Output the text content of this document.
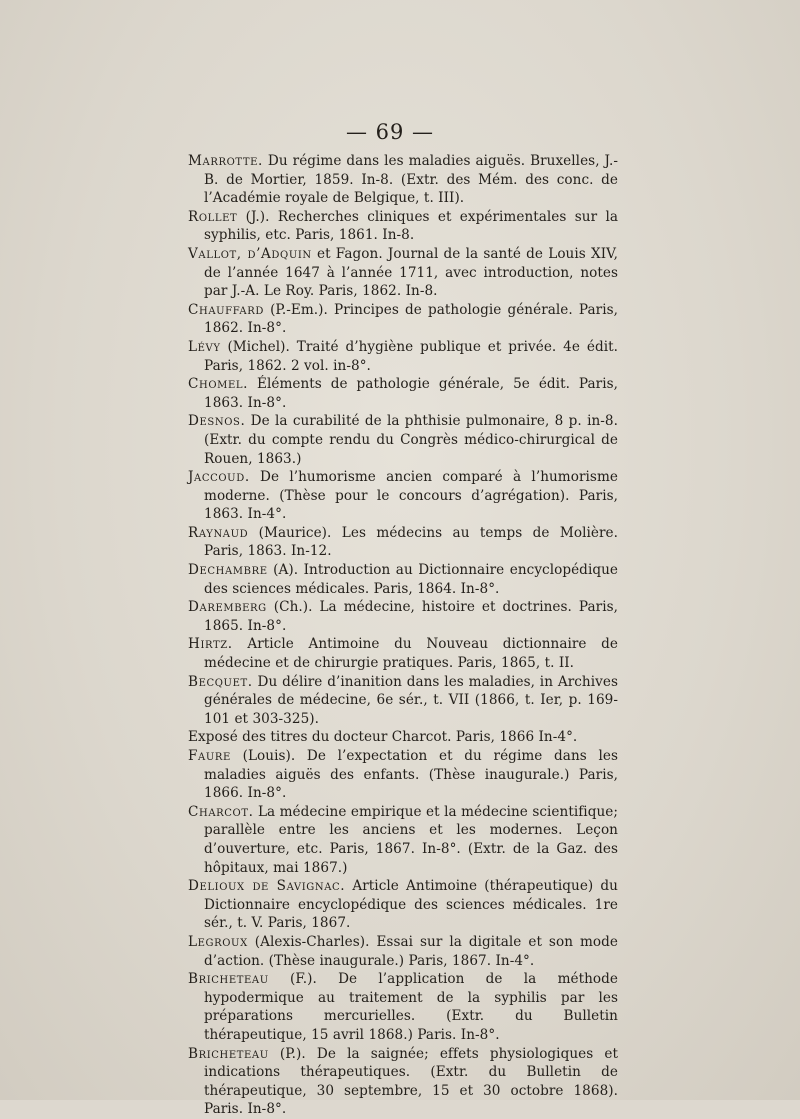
— 69 —

Marrotte. Du régime dans les maladies aiguës. Bruxelles, J.-B. de Mortier, 1859. In-8. (Extr. des Mém. des conc. de l’Académie royale de Belgique, t. III).

Rollet (J.). Recherches cliniques et expérimentales sur la syphilis, etc. Paris, 1861. In-8.

Vallot, d’Adquin et Fagon. Journal de la santé de Louis XIV, de l’année 1647 à l’année 1711, avec introduction, notes par J.-A. Le Roy. Paris, 1862. In-8.

Chauffard (P.-Em.). Principes de pathologie générale. Paris, 1862. In-8°.

Lévy (Michel). Traité d’hygiène publique et privée. 4e édit. Paris, 1862. 2 vol. in-8°.

Chomel. Éléments de pathologie générale, 5e édit. Paris, 1863. In-8°.

Desnos. De la curabilité de la phthisie pulmonaire, 8 p. in-8. (Extr. du compte rendu du Congrès médico-chirurgical de Rouen, 1863.)

Jaccoud. De l’humorisme ancien comparé à l’humorisme moderne. (Thèse pour le concours d’agrégation). Paris, 1863. In-4°.

Raynaud (Maurice). Les médecins au temps de Molière. Paris, 1863. In-12.

Dechambre (A). Introduction au Dictionnaire encyclopédique des sciences médicales. Paris, 1864. In-8°.

Daremberg (Ch.). La médecine, histoire et doctrines. Paris, 1865. In-8°.

Hirtz. Article Antimoine du Nouveau dictionnaire de médecine et de chirurgie pratiques. Paris, 1865, t. II.

Becquet. Du délire d’inanition dans les maladies, in Archives générales de médecine, 6e sér., t. VII (1866, t. Ier, p. 169-101 et 303-325).

Exposé des titres du docteur Charcot. Paris, 1866 In-4°.

Faure (Louis). De l’expectation et du régime dans les maladies aiguës des enfants. (Thèse inaugurale.) Paris, 1866. In-8°.

Charcot. La médecine empirique et la médecine scientifique; parallèle entre les anciens et les modernes. Leçon d’ouverture, etc. Paris, 1867. In-8°. (Extr. de la Gaz. des hôpitaux, mai 1867.)

Delioux de Savignac. Article Antimoine (thérapeutique) du Dictionnaire encyclopédique des sciences médicales. 1re sér., t. V. Paris, 1867.

Legroux (Alexis-Charles). Essai sur la digitale et son mode d’action. (Thèse inaugurale.) Paris, 1867. In-4°.

Bricheteau (F.). De l’application de la méthode hypodermique au traitement de la syphilis par les préparations mercurielles. (Extr. du Bulletin thérapeutique, 15 avril 1868.) Paris. In-8°.

Bricheteau (P.). De la saignée; effets physiologiques et indications thérapeutiques. (Extr. du Bulletin de thérapeutique, 30 septembre, 15 et 30 octobre 1868). Paris. In-8°.
